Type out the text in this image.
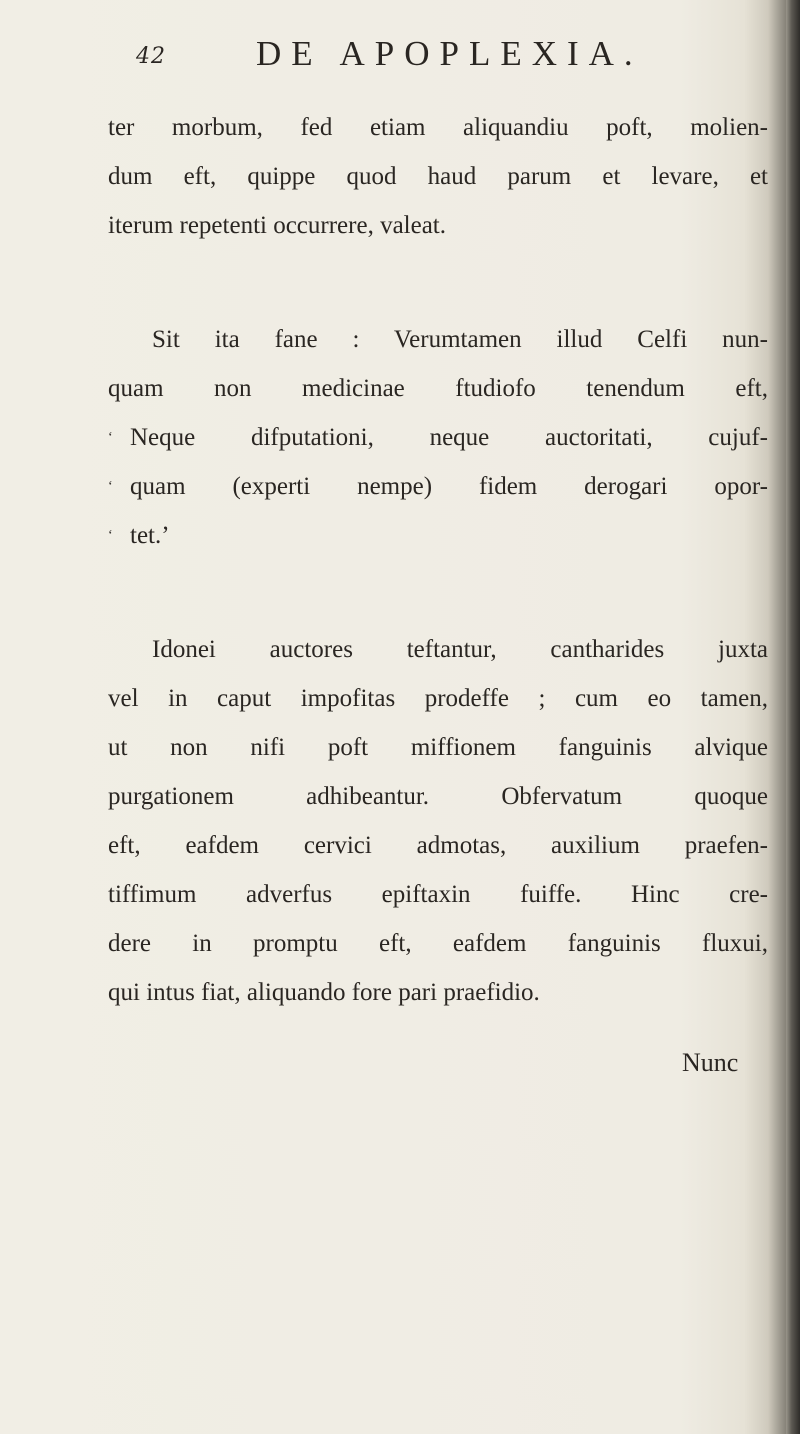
42	DE APOPLEXIA.
ter morbum, fed etiam aliquandiu poft, molien-
dum eft, quippe quod haud parum et levare, et
iterum repetenti occurrere, valeat.
Sit ita fane : Verumtamen illud Celfi nun-
quam non medicinae ftudiofo tenendum eft,
‘ Neque difputationi, neque auctoritati, cujuf-
‘ quam (experti nempe) fidem derogari opor-
‘ tet.’
Idonei auctores teftantur, cantharides juxta
vel in caput impofitas prodeffe ; cum eo tamen,
ut non nifi poft miffionem fanguinis alvique
purgationem adhibeantur. Obfervatum quoque
eft, eafdem cervici admotas, auxilium praefen-
tiffimum adverfus epiftaxin fuiffe. Hinc cre-
dere in promptu eft, eafdem fanguinis fluxui,
qui intus fiat, aliquando fore pari praefidio.
Nunc
